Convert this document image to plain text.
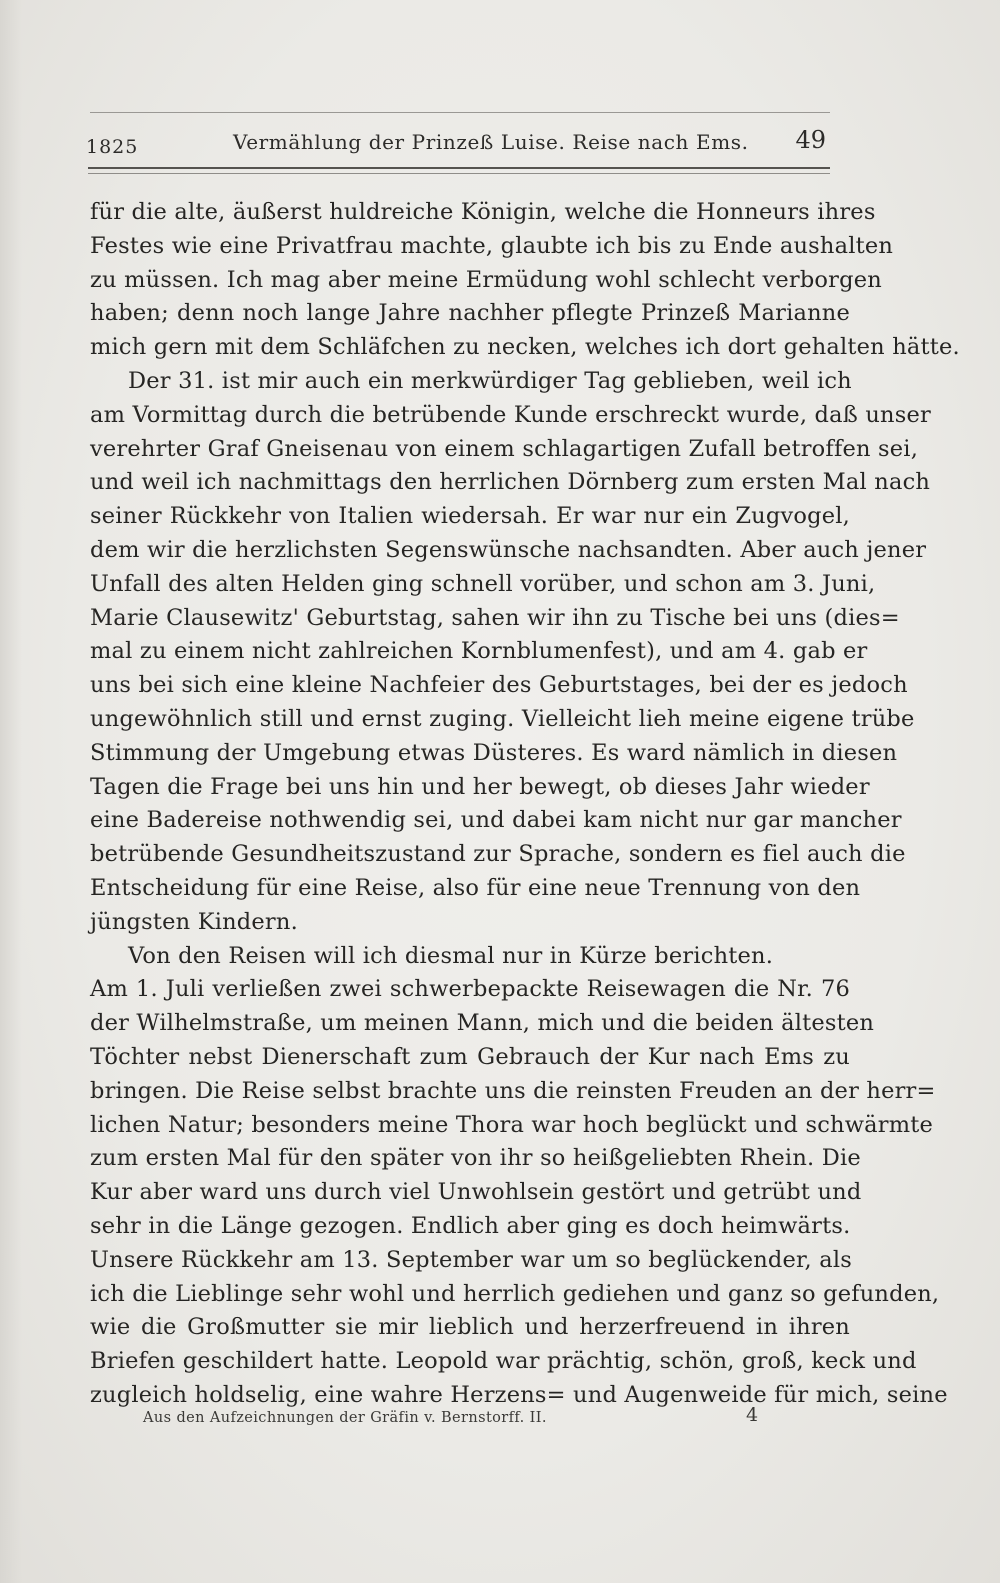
1825	Vermählung der Prinzeß Luise. Reise nach Ems. 49
für die alte, äußerst huldreiche Königin, welche die Honneurs ihres
Festes wie eine Privatfrau machte, glaubte ich bis zu Ende aushalten
zu müssen. Ich mag aber meine Ermüdung wohl schlecht verborgen
haben; denn noch lange Jahre nachher pflegte Prinzeß Marianne
mich gern mit dem Schläfchen zu necken, welches ich dort gehalten hätte.
Der 31. ist mir auch ein merkwürdiger Tag geblieben, weil ich
am Vormittag durch die betrübende Kunde erschreckt wurde, daß unser
verehrter Graf Gneisenau von einem schlagartigen Zufall betroffen sei,
und weil ich nachmittags den herrlichen Dörnberg zum ersten Mal nach
seiner Rückkehr von Italien wiedersah. Er war nur ein Zugvogel,
dem wir die herzlichsten Segenswünsche nachsandten. Aber auch jener
Unfall des alten Helden ging schnell vorüber, und schon am 3. Juni,
Marie Clausewitz' Geburtstag, sahen wir ihn zu Tische bei uns (dies=
mal zu einem nicht zahlreichen Kornblumenfest), und am 4. gab er
uns bei sich eine kleine Nachfeier des Geburtstages, bei der es jedoch
ungewöhnlich still und ernst zuging. Vielleicht lieh meine eigene trübe
Stimmung der Umgebung etwas Düsteres. Es ward nämlich in diesen
Tagen die Frage bei uns hin und her bewegt, ob dieses Jahr wieder
eine Badereise nothwendig sei, und dabei kam nicht nur gar mancher
betrübende Gesundheitszustand zur Sprache, sondern es fiel auch die
Entscheidung für eine Reise, also für eine neue Trennung von den
jüngsten Kindern.
Von den Reisen will ich diesmal nur in Kürze berichten.
Am 1. Juli verließen zwei schwerbepackte Reisewagen die Nr. 76
der Wilhelmstraße, um meinen Mann, mich und die beiden ältesten
Töchter nebst Dienerschaft zum Gebrauch der Kur nach Ems zu
bringen. Die Reise selbst brachte uns die reinsten Freuden an der herr=
lichen Natur; besonders meine Thora war hoch beglückt und schwärmte
zum ersten Mal für den später von ihr so heißgeliebten Rhein. Die
Kur aber ward uns durch viel Unwohlsein gestört und getrübt und
sehr in die Länge gezogen. Endlich aber ging es doch heimwärts.
Unsere Rückkehr am 13. September war um so beglückender, als
ich die Lieblinge sehr wohl und herrlich gediehen und ganz so gefunden,
wie die Großmutter sie mir lieblich und herzerfreuend in ihren
Briefen geschildert hatte. Leopold war prächtig, schön, groß, keck und
zugleich holdselig, eine wahre Herzens= und Augenweide für mich, seine
Aus den Aufzeichnungen der Gräfin v. Bernstorff. II.	4
